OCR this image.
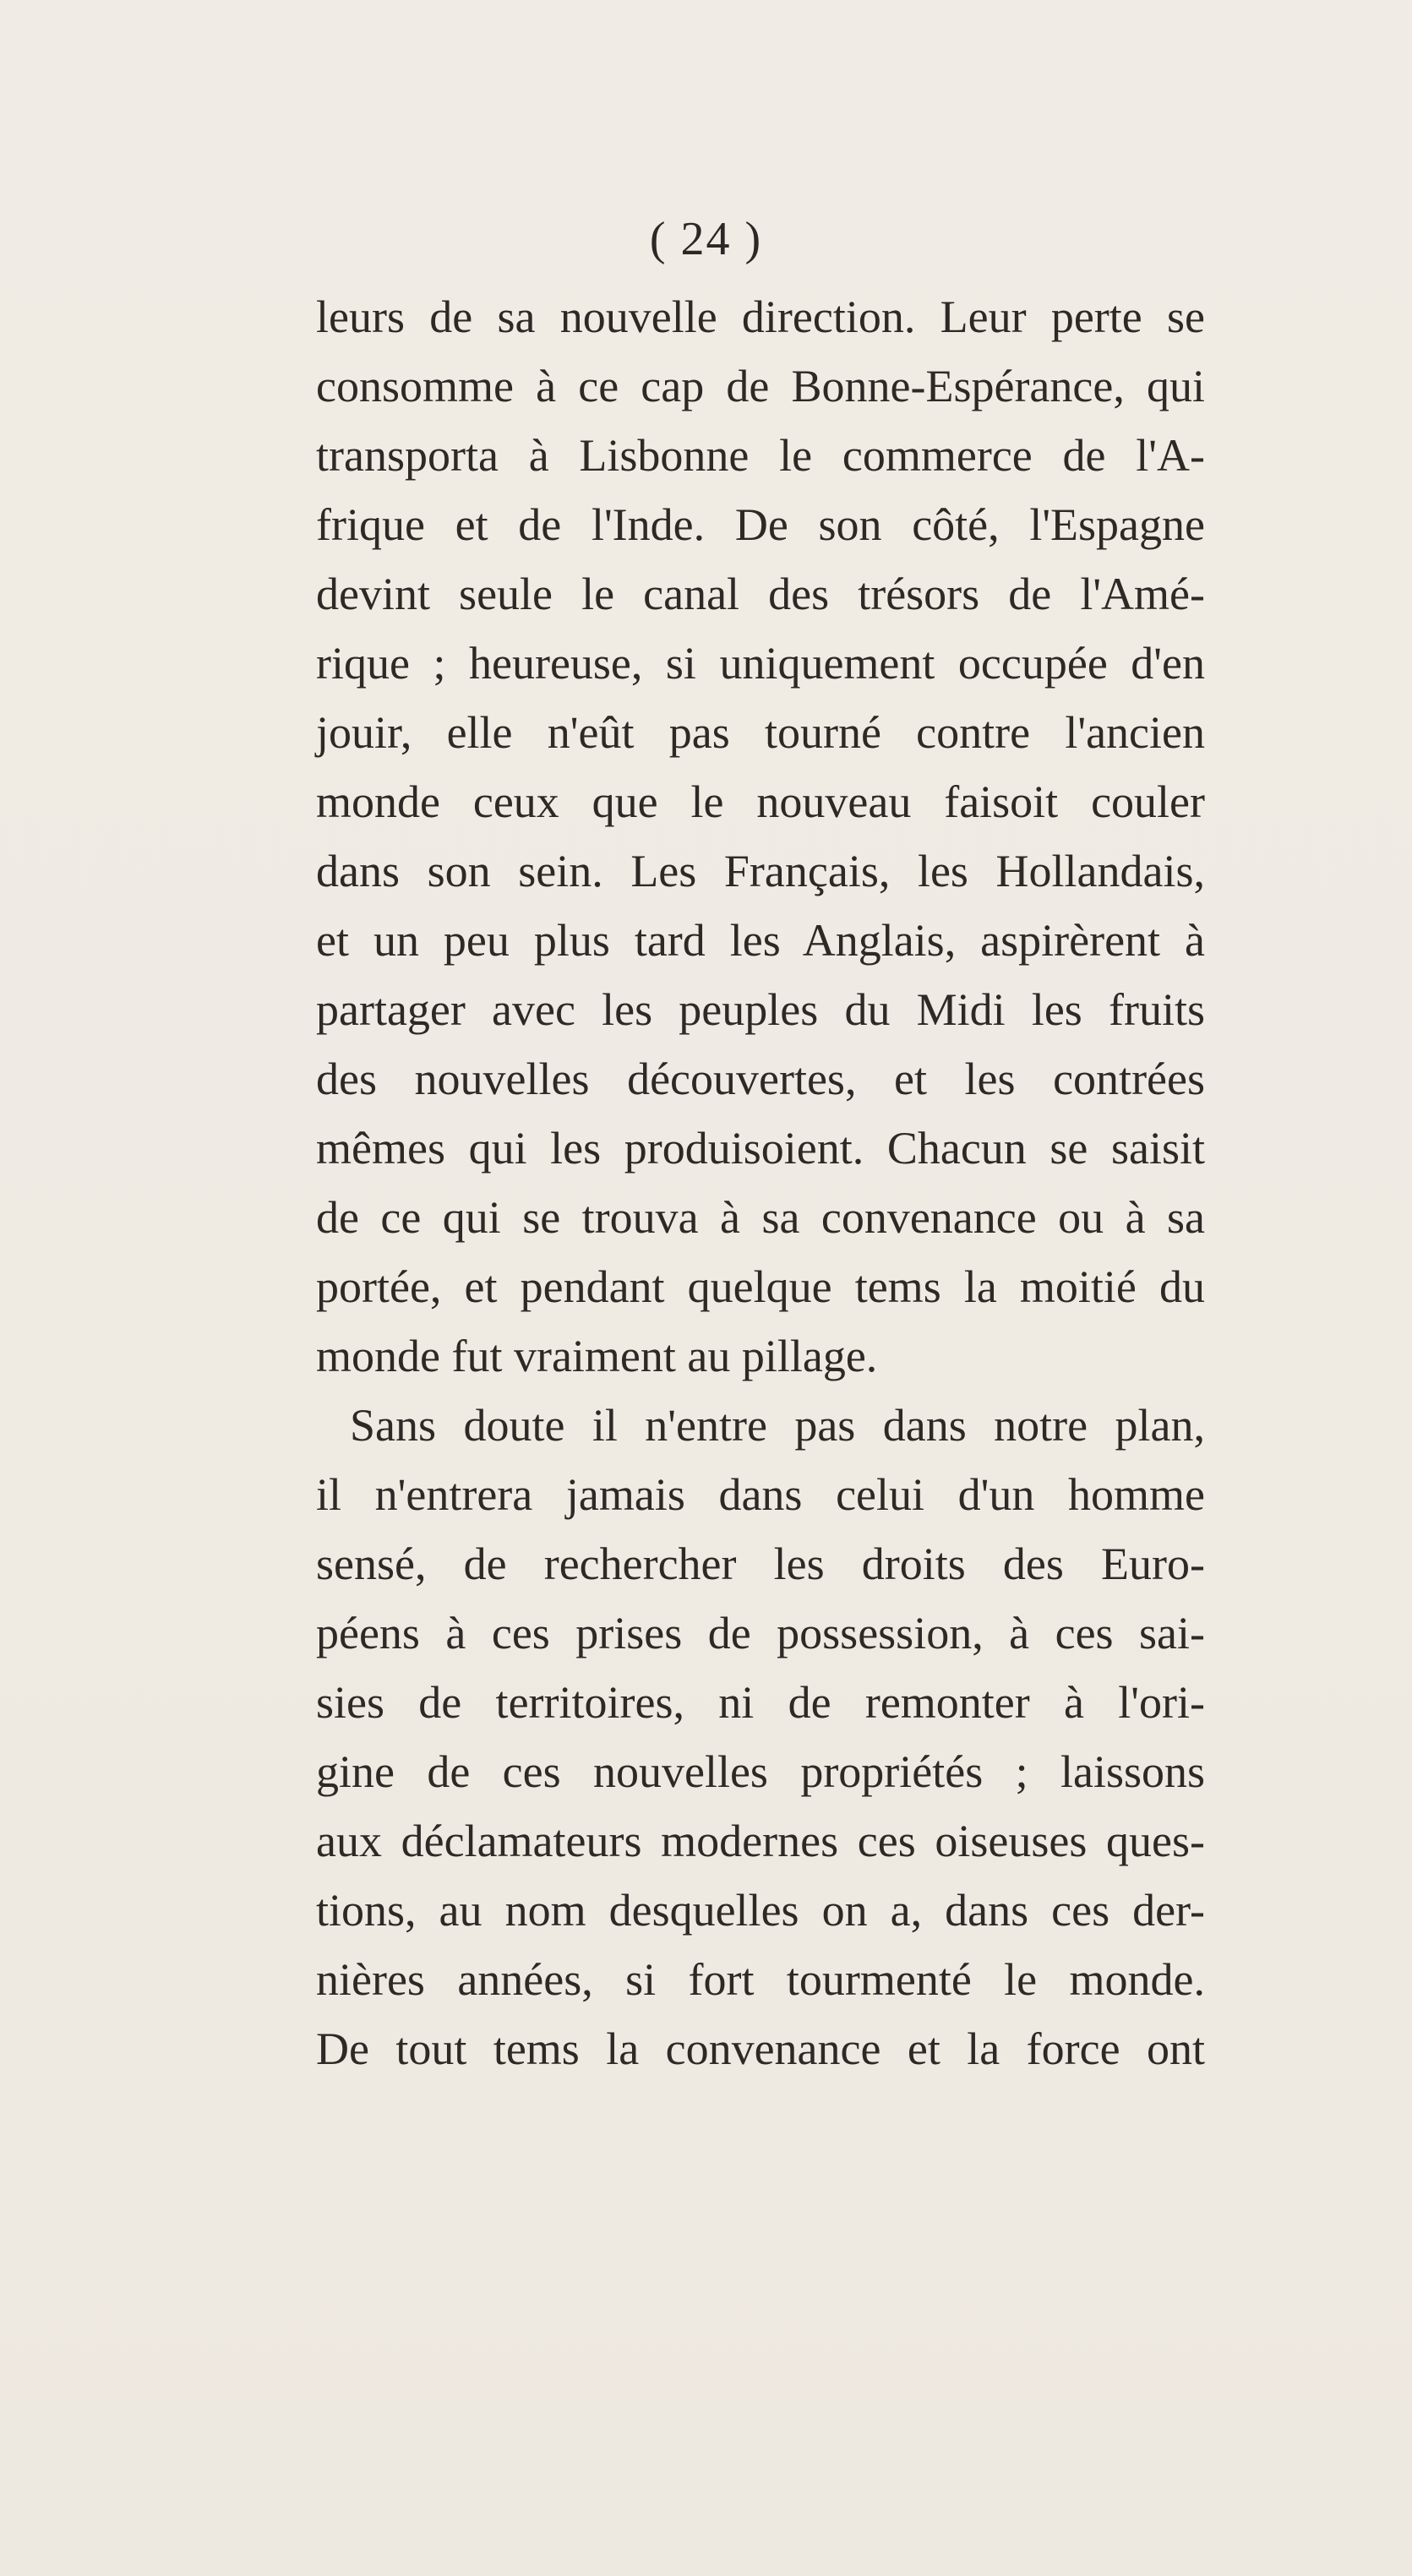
( 24 )
leurs de sa nouvelle direction. Leur perte se
consomme à ce cap de Bonne-Espérance, qui
transporta à Lisbonne le commerce de l'A-
frique et de l'Inde. De son côté, l'Espagne
devint seule le canal des trésors de l'Amé-
rique ; heureuse, si uniquement occupée d'en
jouir, elle n'eût pas tourné contre l'ancien
monde ceux que le nouveau faisoit couler
dans son sein. Les Français, les Hollandais,
et un peu plus tard les Anglais, aspirèrent à
partager avec les peuples du Midi les fruits
des nouvelles découvertes, et les contrées
mêmes qui les produisoient. Chacun se saisit
de ce qui se trouva à sa convenance ou à sa
portée, et pendant quelque tems la moitié du
monde fut vraiment au pillage.
Sans doute il n'entre pas dans notre plan,
il n'entrera jamais dans celui d'un homme
sensé, de rechercher les droits des Euro-
péens à ces prises de possession, à ces sai-
sies de territoires, ni de remonter à l'ori-
gine de ces nouvelles propriétés ; laissons
aux déclamateurs modernes ces oiseuses ques-
tions, au nom desquelles on a, dans ces der-
nières années, si fort tourmenté le monde.
De tout tems la convenance et la force ont
